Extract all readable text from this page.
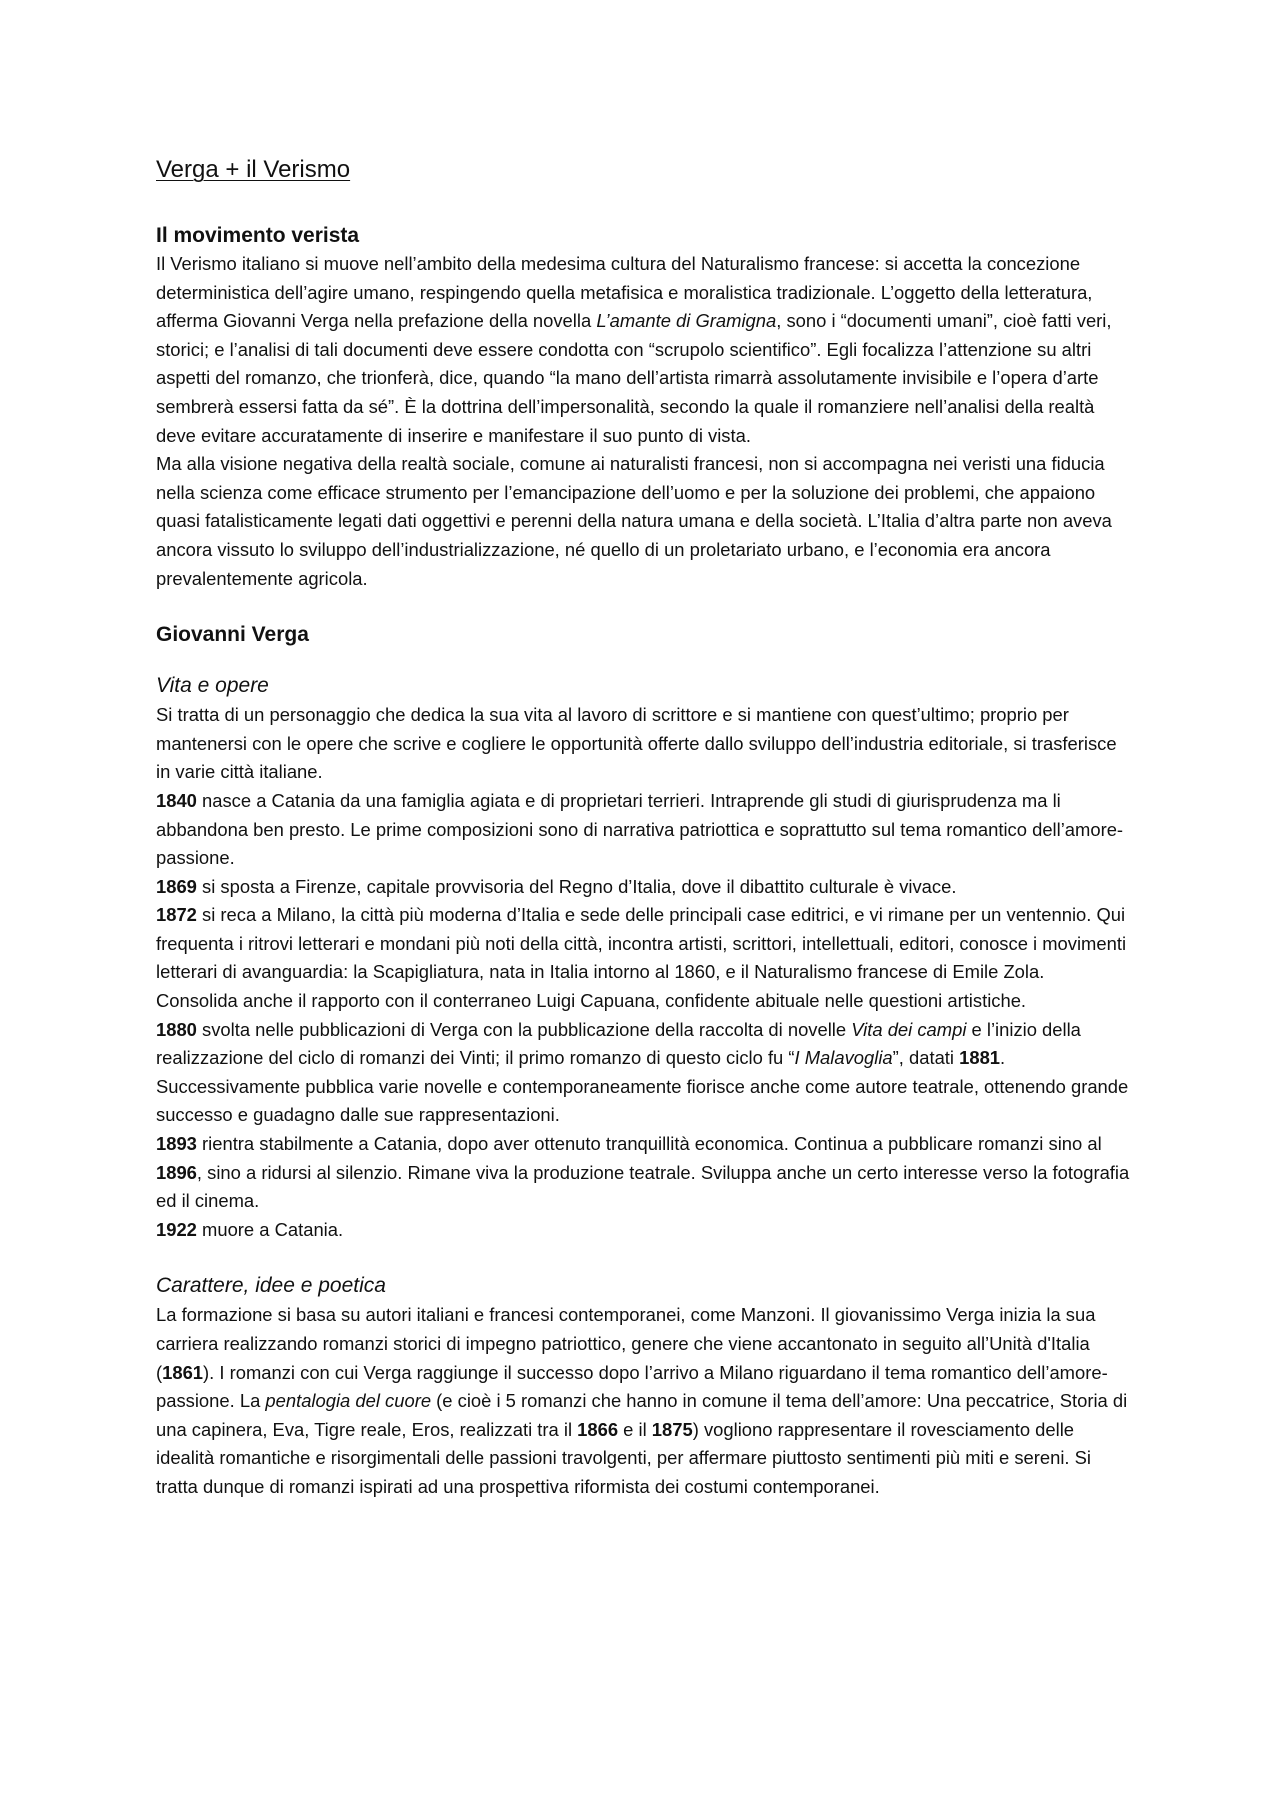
Verga + il Verismo
Il movimento verista

Il Verismo italiano si muove nell’ambito della medesima cultura del Naturalismo francese: si accetta la concezione deterministica dell’agire umano, respingendo quella metafisica e moralistica tradizionale. L’oggetto della letteratura, afferma Giovanni Verga nella prefazione della novella L’amante di Gramigna, sono i “documenti umani”, cioè fatti veri, storici; e l’analisi di tali documenti deve essere condotta con “scrupolo scientifico”. Egli focalizza l’attenzione su altri aspetti del romanzo, che trionferà, dice, quando “la mano dell’artista rimarrà assolutamente invisibile e l’opera d’arte sembrerà essersi fatta da sé”. È la dottrina dell’impersonalità, secondo la quale il romanziere nell’analisi della realtà deve evitare accuratamente di inserire e manifestare il suo punto di vista.

Ma alla visione negativa della realtà sociale, comune ai naturalisti francesi, non si accompagna nei veristi una fiducia nella scienza come efficace strumento per l’emancipazione dell’uomo e per la soluzione dei problemi, che appaiono quasi fatalisticamente legati dati oggettivi e perenni della natura umana e della società. L’Italia d’altra parte non aveva ancora vissuto lo sviluppo dell’industrializzazione, né quello di un proletariato urbano, e l’economia era ancora prevalentemente agricola.

Giovanni Verga
Vita e opere

Si tratta di un personaggio che dedica la sua vita al lavoro di scrittore e si mantiene con quest’ultimo; proprio per mantenersi con le opere che scrive e cogliere le opportunità offerte dallo sviluppo dell’industria editoriale, si trasferisce in varie città italiane.

1840 nasce a Catania da una famiglia agiata e di proprietari terrieri. Intraprende gli studi di giurisprudenza ma li abbandona ben presto. Le prime composizioni sono di narrativa patriottica e soprattutto sul tema romantico dell’amore-passione.

1869 si sposta a Firenze, capitale provvisoria del Regno d’Italia, dove il dibattito culturale è vivace.

1872 si reca a Milano, la città più moderna d’Italia e sede delle principali case editrici, e vi rimane per un ventennio. Qui frequenta i ritrovi letterari e mondani più noti della città, incontra artisti, scrittori, intellettuali, editori, conosce i movimenti letterari di avanguardia: la Scapigliatura, nata in Italia intorno al 1860, e il Naturalismo francese di Emile Zola. Consolida anche il rapporto con il conterraneo Luigi Capuana, confidente abituale nelle questioni artistiche.

1880 svolta nelle pubblicazioni di Verga con la pubblicazione della raccolta di novelle Vita dei campi e l’inizio della realizzazione del ciclo di romanzi dei Vinti; il primo romanzo di questo ciclo fu “I Malavoglia”, datati 1881. Successivamente pubblica varie novelle e contemporaneamente fiorisce anche come autore teatrale, ottenendo grande successo e guadagno dalle sue rappresentazioni.

1893 rientra stabilmente a Catania, dopo aver ottenuto tranquillità economica. Continua a pubblicare romanzi sino al 1896, sino a ridursi al silenzio. Rimane viva la produzione teatrale. Sviluppa anche un certo interesse verso la fotografia ed il cinema.

1922 muore a Catania.

Carattere, idee e poetica

La formazione si basa su autori italiani e francesi contemporanei, come Manzoni. Il giovanissimo Verga inizia la sua carriera realizzando romanzi storici di impegno patriottico, genere che viene accantonato in seguito all’Unità d'Italia (1861). I romanzi con cui Verga raggiunge il successo dopo l’arrivo a Milano riguardano il tema romantico dell’amore-passione. La pentalogia del cuore (e cioè i 5 romanzi che hanno in comune il tema dell’amore: Una peccatrice, Storia di una capinera, Eva, Tigre reale, Eros, realizzati tra il 1866 e il 1875) vogliono rappresentare il rovesciamento delle idealità romantiche e risorgimentali delle passioni travolgenti, per affermare piuttosto sentimenti più miti e sereni. Si tratta dunque di romanzi ispirati ad una prospettiva riformista dei costumi contemporanei.
